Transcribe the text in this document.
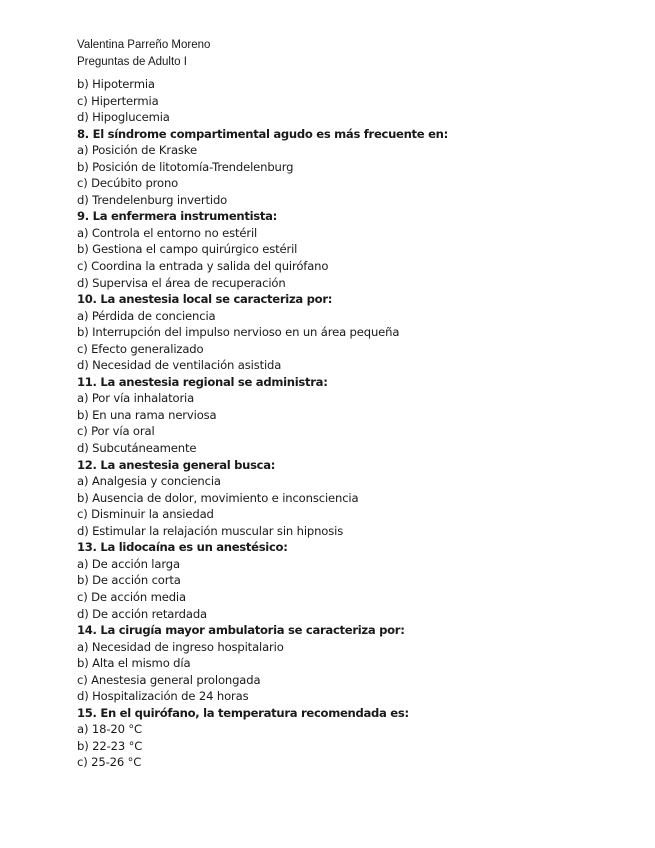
Valentina Parreño Moreno
Preguntas de Adulto I
b) Hipotermia
c) Hipertermia
d) Hipoglucemia
8. El síndrome compartimental agudo es más frecuente en:
a) Posición de Kraske
b) Posición de litotomía-Trendelenburg
c) Decúbito prono
d) Trendelenburg invertido
9. La enfermera instrumentista:
a) Controla el entorno no estéril
b) Gestiona el campo quirúrgico estéril
c) Coordina la entrada y salida del quirófano
d) Supervisa el área de recuperación
10. La anestesia local se caracteriza por:
a) Pérdida de conciencia
b) Interrupción del impulso nervioso en un área pequeña
c) Efecto generalizado
d) Necesidad de ventilación asistida
11. La anestesia regional se administra:
a) Por vía inhalatoria
b) En una rama nerviosa
c) Por vía oral
d) Subcutáneamente
12. La anestesia general busca:
a) Analgesia y conciencia
b) Ausencia de dolor, movimiento e inconsciencia
c) Disminuir la ansiedad
d) Estimular la relajación muscular sin hipnosis
13. La lidocaína es un anestésico:
a) De acción larga
b) De acción corta
c) De acción media
d) De acción retardada
14. La cirugía mayor ambulatoria se caracteriza por:
a) Necesidad de ingreso hospitalario
b) Alta el mismo día
c) Anestesia general prolongada
d) Hospitalización de 24 horas
15. En el quirófano, la temperatura recomendada es:
a) 18-20 °C
b) 22-23 °C
c) 25-26 °C
